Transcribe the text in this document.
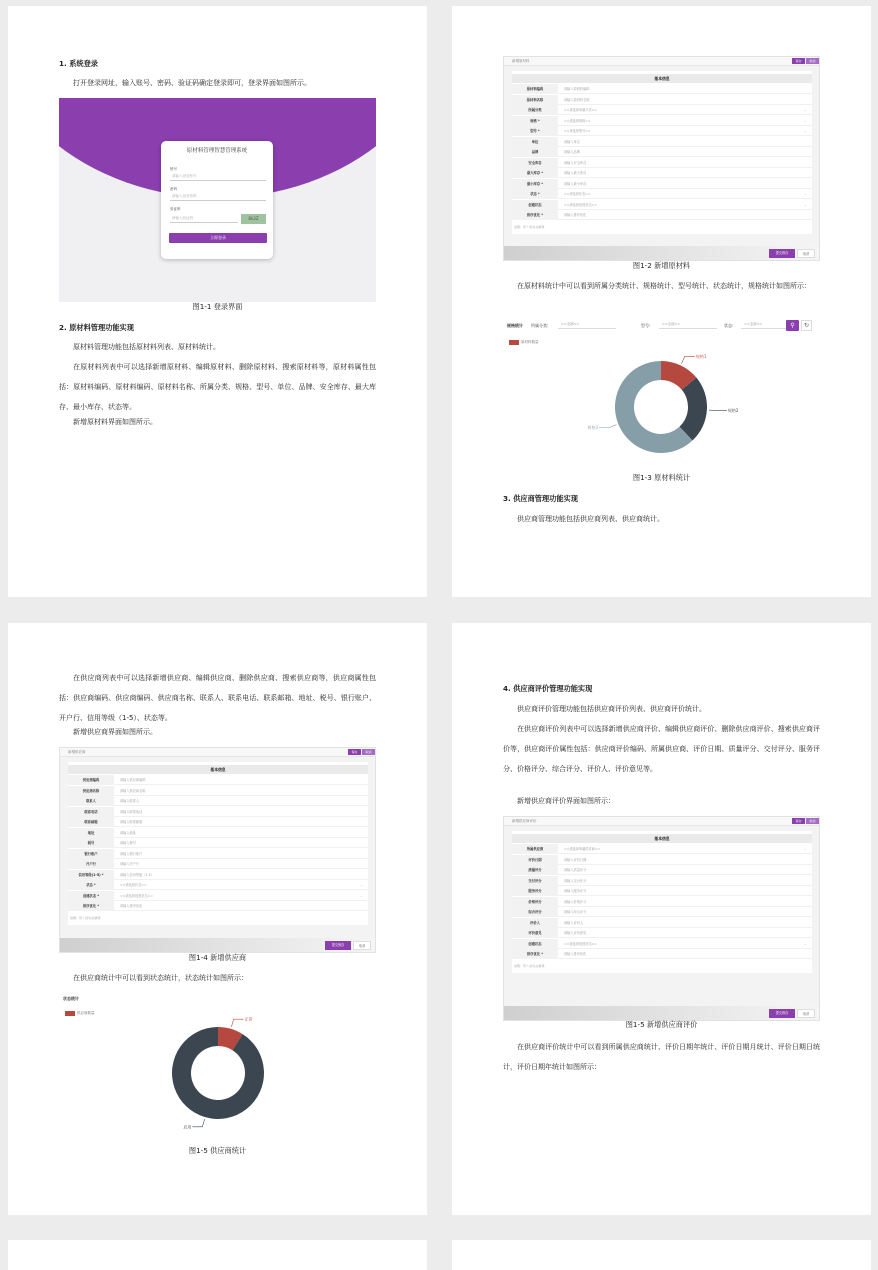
1. 系统登录
打开登录网址，输入账号、密码、验证码确定登录即可，登录界面如图所示。
原材料管理智慧管理系统
账号
请输入登录账号
密码
请输入登录密码
验证码
请输入验证码	8k3Z
立即登录
图1-1 登录界面
2. 原材料管理功能实现
原材料管理功能包括原材料列表、原材料统计。
在原材料列表中可以选择新增原材料、编辑原材料、删除原材料、搜索原材料等，原材料属性包括：原材料编码、原材料编码、原材料名称、所属分类、规格、型号、单位、品牌、安全库存、最大库存、最小库存、状态等。
新增原材料界面如图所示。
新增原材料	保存	取消
基本信息
原材料编码	请输入原材料编码
原材料名称	请输入原材料名称
所属分类	==请选择所属分类==	⌄
规格 *	==请选择规格==	⌄
型号 *	==请选择型号==	⌄
单位	请输入单位
品牌	请输入品牌
安全库存	请输入安全库存
最大库存 *	请输入最大库存
最小库存 *	请输入最小库存
状态 *	==请选择状态==	⌄
创建状态	==请选择创建状态==	⌄
排序优化 *	请输入排序优化
说明：带 * 的为必填项
提交保存	取消
图1-2 新增原材料
在原材料统计中可以看到所属分类统计、规格统计、型号统计、状态统计，规格统计如图所示：
规格统计 所属分类:	==全部==	型号:	==全部==	状态:	==全部==	⚲	↻
原材料数量
规格1
规格2
规格3
图1-3 原材料统计
3. 供应商管理功能实现
供应商管理功能包括供应商列表、供应商统计。
在供应商列表中可以选择新增供应商、编辑供应商、删除供应商、搜索供应商等，供应商属性包括：供应商编码、供应商编码、供应商名称、联系人、联系电话、联系邮箱、地址、税号、银行账户、开户行、信用等级（1-5）、状态等。
新增供应商界面如图所示。
新增供应商	保存	取消
基本信息
供应商编码	请输入供应商编码
供应商名称	请输入供应商名称
联系人	请输入联系人
联系电话	请输入联系电话
联系邮箱	请输入联系邮箱
地址	请输入地址
税号	请输入税号
银行账户	请输入银行账户
开户行	请输入开户行
信用等级(1-5) *	请输入信用等级（1-5）
状态 *	==请选择状态==	⌄
创建状态 *	==请选择创建状态==	⌄
排序优化 *	请输入排序优化
说明：带 * 的为必填项
提交保存	取消
图1-4 新增供应商
在供应商统计中可以看到状态统计，状态统计如图所示：
状态统计
供应商数量
正常
启用
图1-5 供应商统计
4. 供应商评价管理功能实现
供应商评价管理功能包括供应商评价列表、供应商评价统计。
在供应商评价列表中可以选择新增供应商评价、编辑供应商评价、删除供应商评价、搜索供应商评价等，供应商评价属性包括：供应商评价编码、所属供应商、评价日期、质量评分、交付评分、服务评分、价格评分、综合评分、评价人、评价意见等。
新增供应商评价界面如图所示：
新增供应商评价	保存	取消
基本信息
所属供应商	==请选择所属供应商==	⌄
评价日期	请输入评价日期
质量评分	请输入质量评分
交付评分	请输入交付评分
服务评分	请输入服务评分
价格评分	请输入价格评分
综合评分	请输入综合评分
评价人	请输入评价人
评价意见	请输入评价意见
创建状态	==请选择创建状态==	⌄
排序优化 *	请输入排序优化
说明：带 * 的为必填项
提交保存	取消
图1-5 新增供应商评价
在供应商评价统计中可以看到所属供应商统计、评价日期年统计、评价日期月统计、评价日期日统计，评价日期年统计如图所示：
